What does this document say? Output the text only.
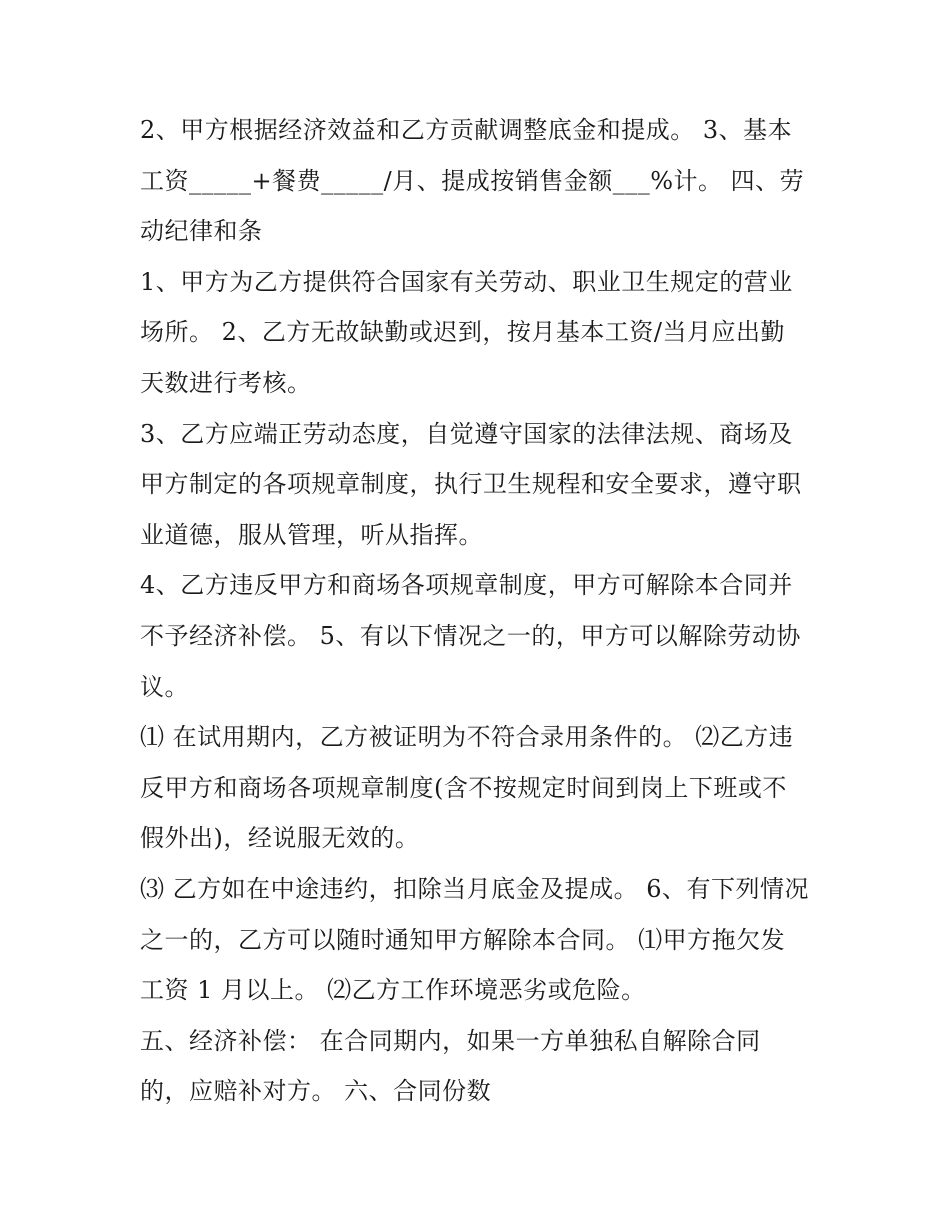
2、甲方根据经济效益和乙方贡献调整底金和提成。 3、基本
工资_____+餐费_____/月、提成按销售金额___%计。 四、劳
动纪律和条
1、甲方为乙方提供符合国家有关劳动、职业卫生规定的营业
场所。 2、乙方无故缺勤或迟到，按月基本工资/当月应出勤
天数进行考核。
3、乙方应端正劳动态度，自觉遵守国家的法律法规、商场及
甲方制定的各项规章制度，执行卫生规程和安全要求，遵守职
业道德，服从管理，听从指挥。
4、乙方违反甲方和商场各项规章制度，甲方可解除本合同并
不予经济补偿。 5、有以下情况之一的，甲方可以解除劳动协
议。
⑴ 在试用期内，乙方被证明为不符合录用条件的。 ⑵乙方违
反甲方和商场各项规章制度(含不按规定时间到岗上下班或不
假外出)，经说服无效的。
⑶ 乙方如在中途违约，扣除当月底金及提成。 6、有下列情况
之一的，乙方可以随时通知甲方解除本合同。 ⑴甲方拖欠发
工资 1 月以上。 ⑵乙方工作环境恶劣或危险。
五、经济补偿： 在合同期内，如果一方单独私自解除合同
的，应赔补对方。 六、合同份数
